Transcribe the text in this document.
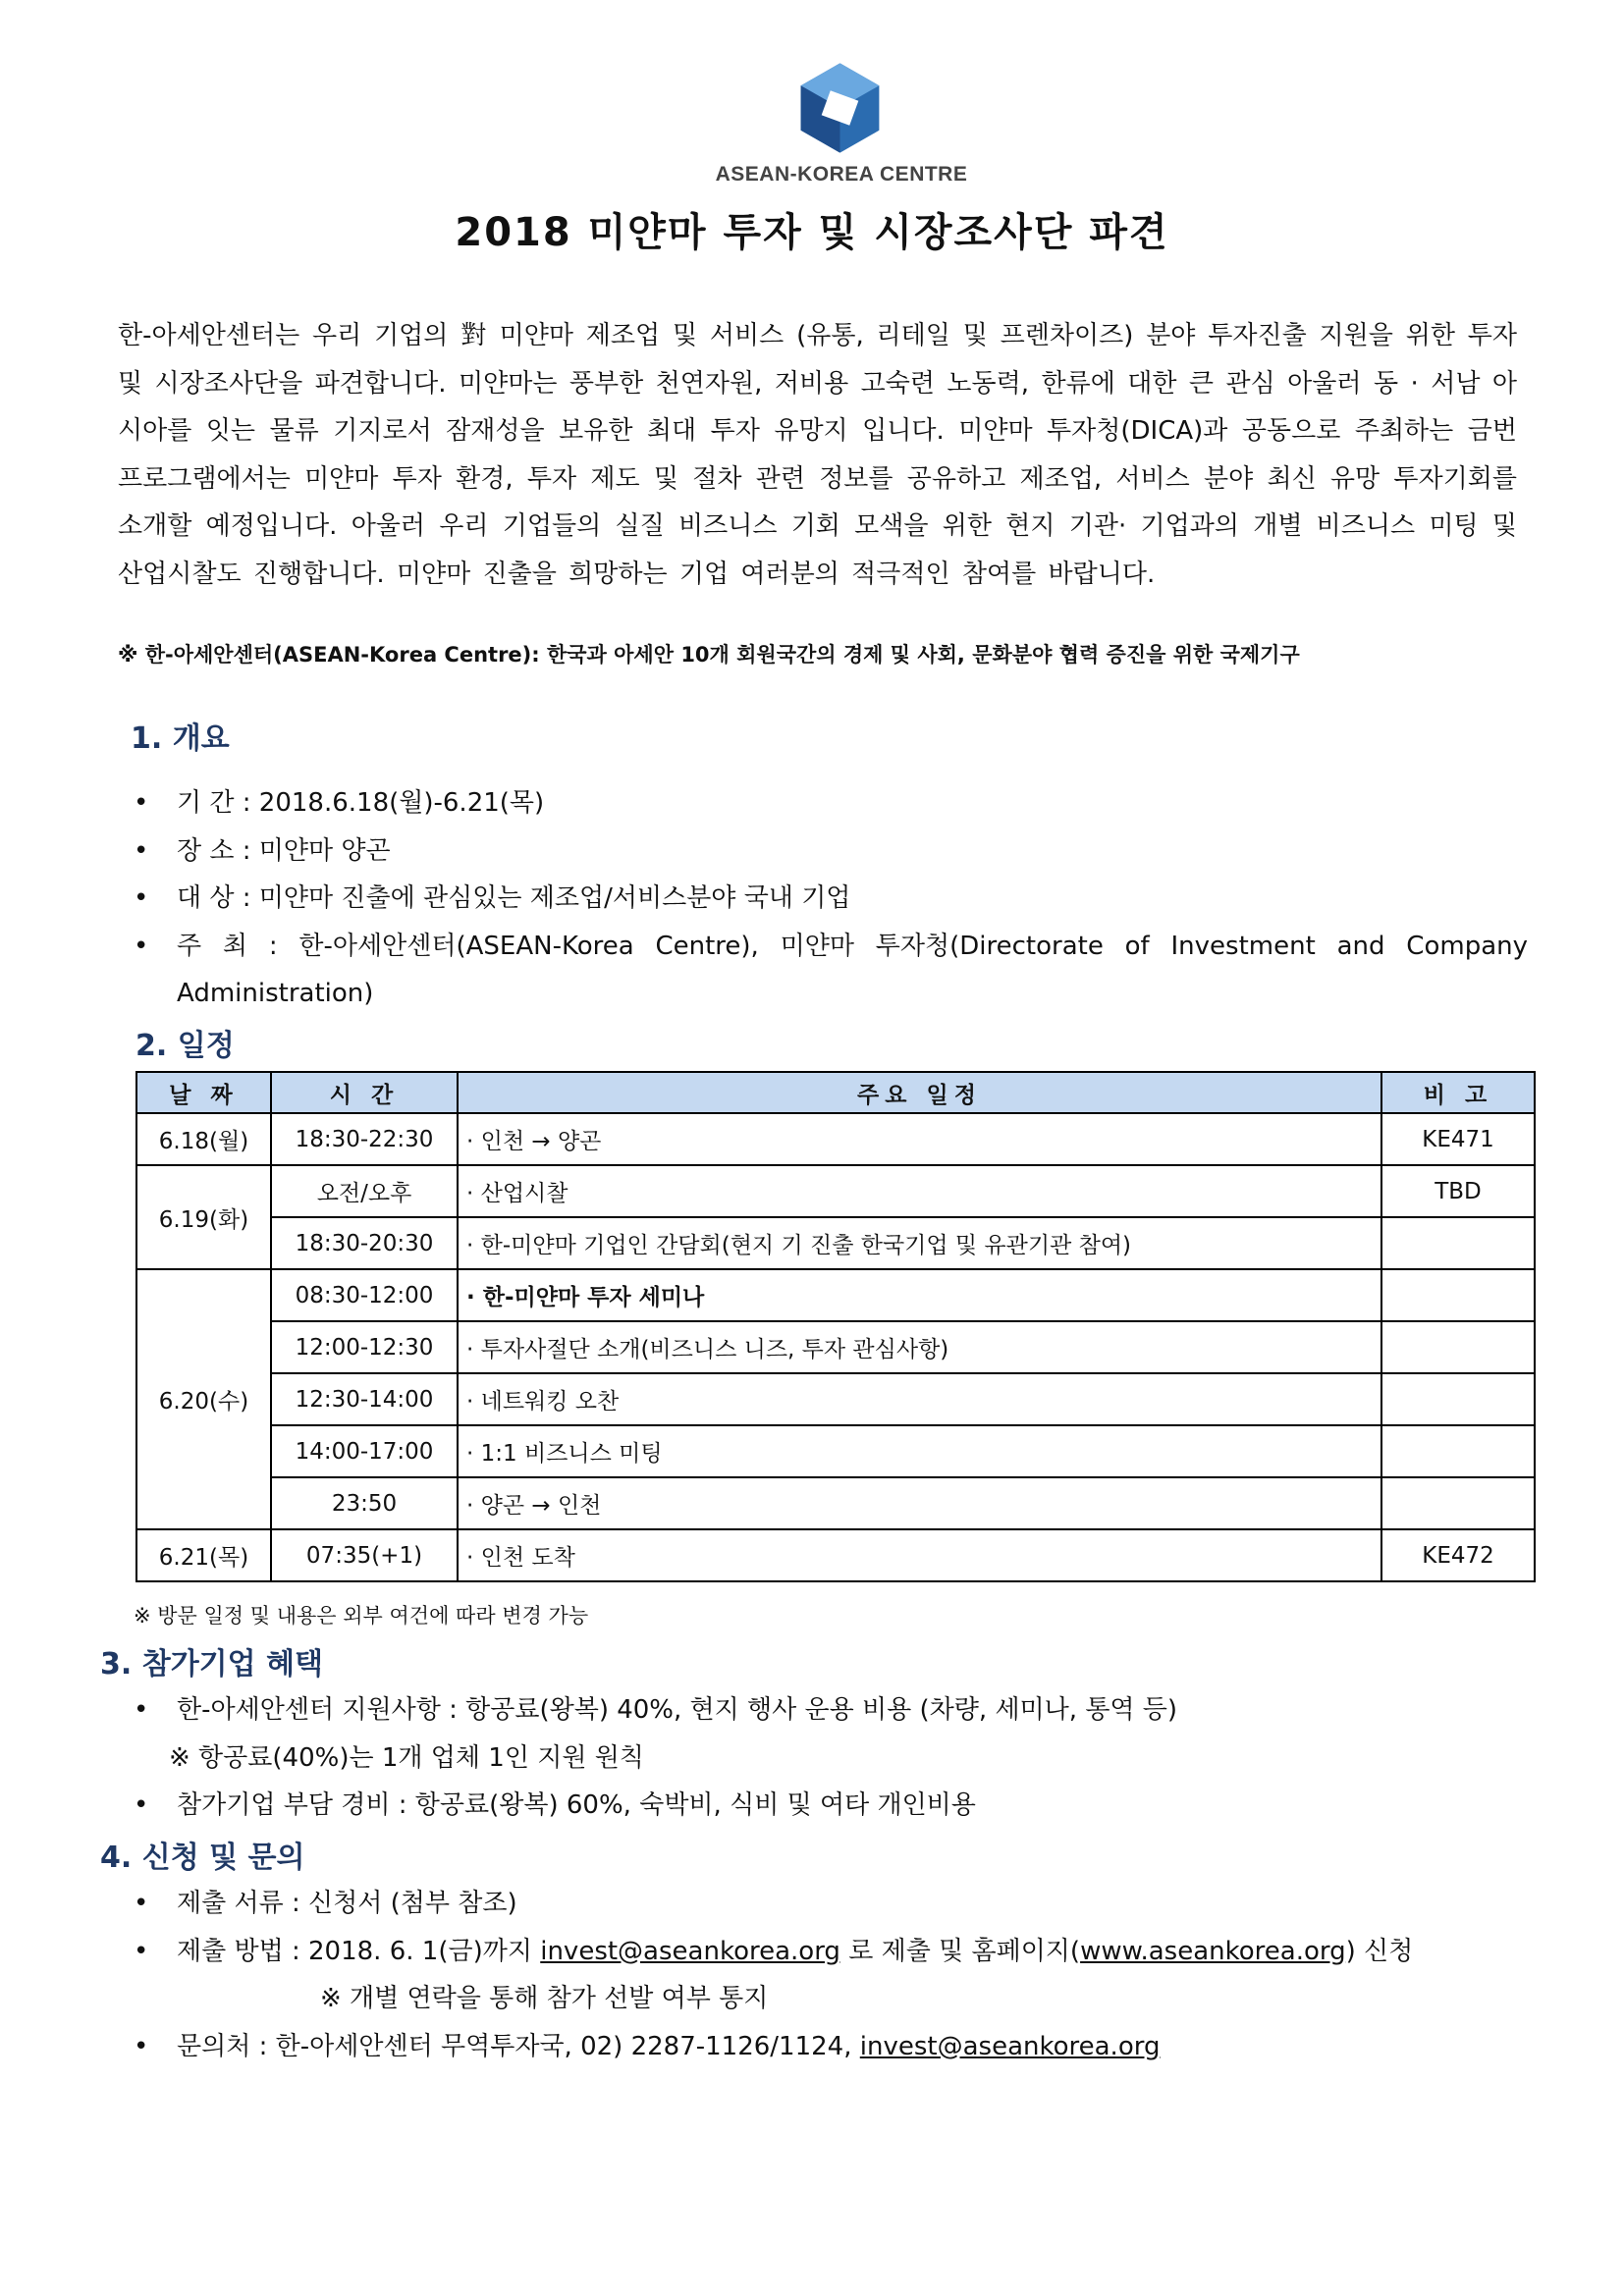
ASEAN-KOREA CENTRE
2018 미얀마 투자 및 시장조사단 파견
한-아세안센터는 우리 기업의 對 미얀마 제조업 및 서비스 (유통, 리테일 및 프렌차이즈) 분야 투자진출 지원을 위한 투자 및 시장조사단을 파견합니다. 미얀마는 풍부한 천연자원, 저비용 고숙련 노동력, 한류에 대한 큰 관심 아울러 동 · 서남 아시아를 잇는 물류 기지로서 잠재성을 보유한 최대 투자 유망지 입니다. 미얀마 투자청(DICA)과 공동으로 주최하는 금번 프로그램에서는 미얀마 투자 환경, 투자 제도 및 절차 관련 정보를 공유하고 제조업, 서비스 분야 최신 유망 투자기회를 소개할 예정입니다. 아울러 우리 기업들의 실질 비즈니스 기회 모색을 위한 현지 기관· 기업과의 개별 비즈니스 미팅 및 산업시찰도 진행합니다. 미얀마 진출을 희망하는 기업 여러분의 적극적인 참여를 바랍니다.
※ 한-아세안센터(ASEAN-Korea Centre): 한국과 아세안 10개 회원국간의 경제 및 사회, 문화분야 협력 증진을 위한 국제기구
1. 개요
• 기 간 : 2018.6.18(월)-6.21(목)
• 장 소 : 미얀마 양곤
• 대 상 : 미얀마 진출에 관심있는 제조업/서비스분야 국내 기업
• 주 최 : 한-아세안센터(ASEAN-Korea Centre), 미얀마 투자청(Directorate of Investment and Company Administration)
2. 일정
날 짜	시 간	주요 일정	비 고
6.18(월)	18:30-22:30	· 인천 → 양곤	KE471
6.19(화)	오전/오후	· 산업시찰	TBD
	18:30-20:30	· 한-미얀마 기업인 간담회(현지 기 진출 한국기업 및 유관기관 참여)	
6.20(수)	08:30-12:00	· 한-미얀마 투자 세미나	
	12:00-12:30	· 투자사절단 소개(비즈니스 니즈, 투자 관심사항)	
	12:30-14:00	· 네트워킹 오찬	
	14:00-17:00	· 1:1 비즈니스 미팅	
	23:50	· 양곤 → 인천	
6.21(목)	07:35(+1)	· 인천 도착	KE472
※ 방문 일정 및 내용은 외부 여건에 따라 변경 가능
3. 참가기업 혜택
• 한-아세안센터 지원사항 : 항공료(왕복) 40%, 현지 행사 운용 비용 (차량, 세미나, 통역 등)
※ 항공료(40%)는 1개 업체 1인 지원 원칙
• 참가기업 부담 경비 : 항공료(왕복) 60%, 숙박비, 식비 및 여타 개인비용
4. 신청 및 문의
• 제출 서류 : 신청서 (첨부 참조)
• 제출 방법 : 2018. 6. 1(금)까지 invest@aseankorea.org 로 제출 및 홈페이지(www.aseankorea.org) 신청
※ 개별 연락을 통해 참가 선발 여부 통지
• 문의처 : 한-아세안센터 무역투자국, 02) 2287-1126/1124, invest@aseankorea.org
